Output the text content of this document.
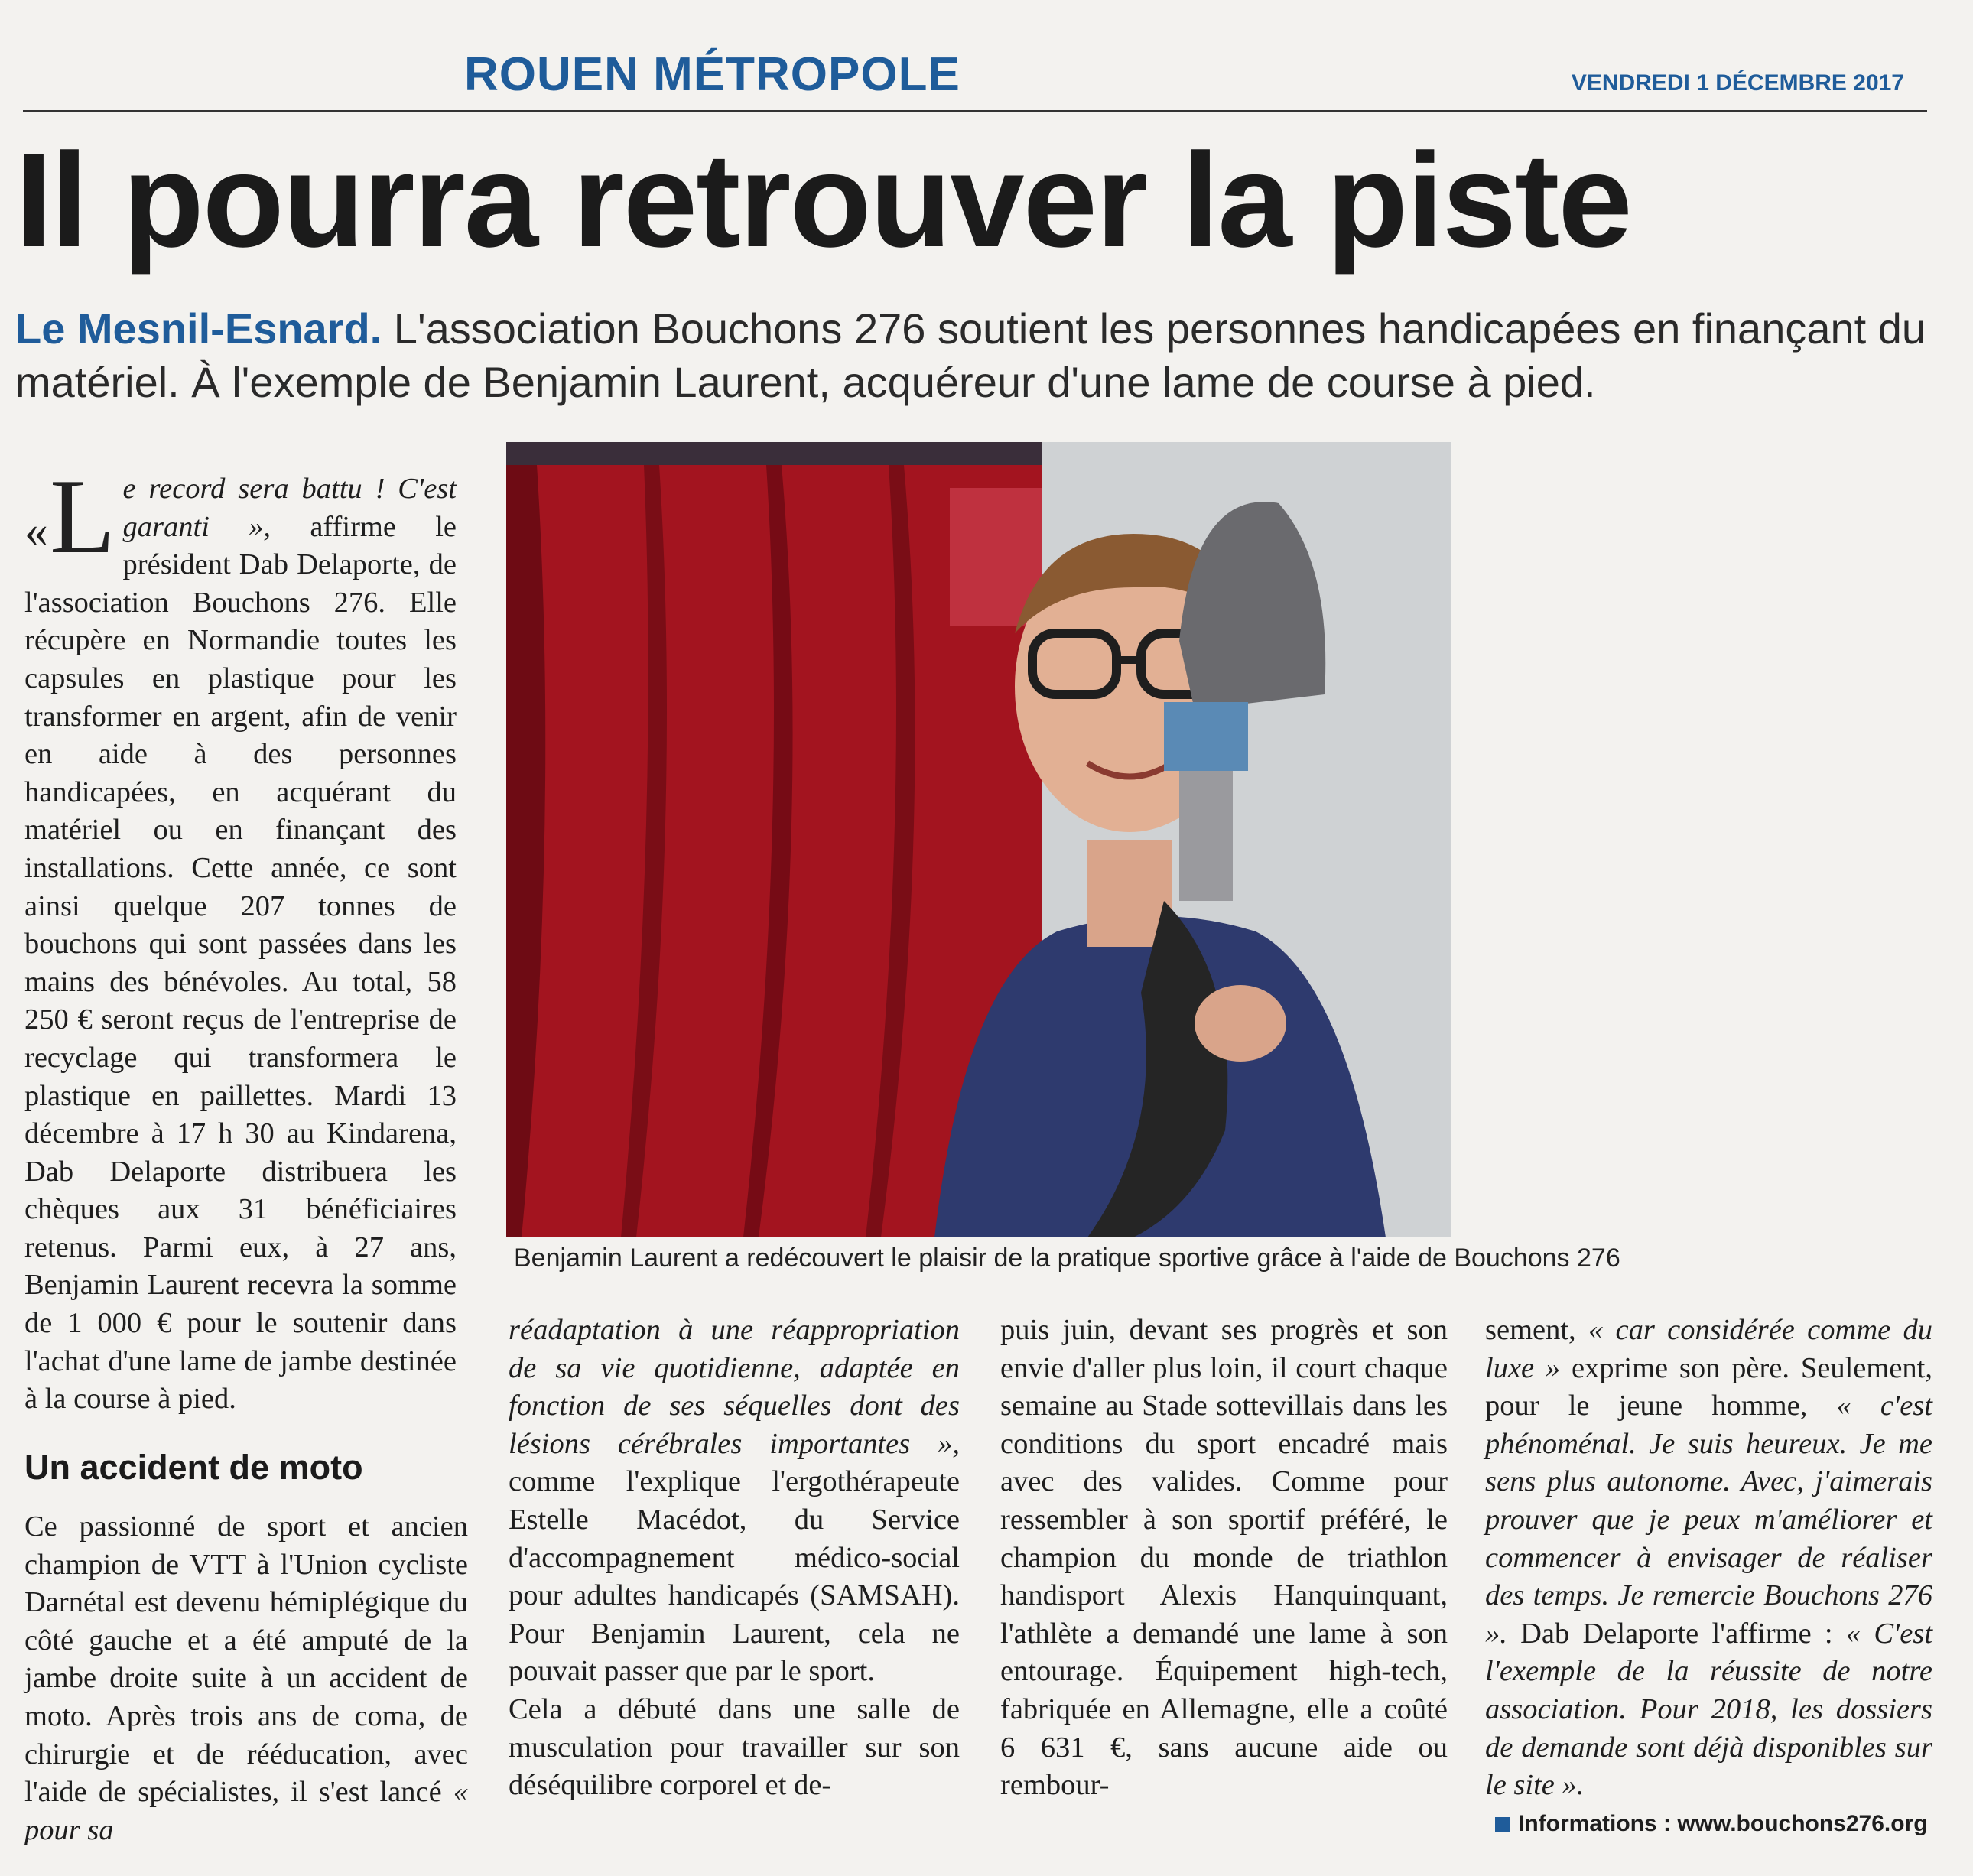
ROUEN MÉTROPOLE	VENDREDI 1 DÉCEMBRE 2017
Il pourra retrouver la piste
Le Mesnil-Esnard. L'association Bouchons 276 soutient les personnes handicapées en finançant du matériel. À l'exemple de Benjamin Laurent, acquéreur d'une lame de course à pied.
« L e record sera battu ! C'est garanti », affirme le président Dab Delaporte, de l'association Bouchons 276. Elle récupère en Normandie toutes les capsules en plastique pour les transformer en argent, afin de venir en aide à des personnes handicapées, en acquérant du matériel ou en finançant des installations. Cette année, ce sont ainsi quelque 207 tonnes de bouchons qui sont passées dans les mains des bénévoles. Au total, 58 250 € seront reçus de l'entreprise de recyclage qui transformera le plastique en paillettes. Mardi 13 décembre à 17 h 30 au Kindarena, Dab Delaporte distribuera les chèques aux 31 bénéficiaires retenus. Parmi eux, à 27 ans, Benjamin Laurent recevra la somme de 1 000 € pour le soutenir dans l'achat d'une lame de jambe destinée à la course à pied.

Un accident de moto

Ce passionné de sport et ancien champion de VTT à l'Union cycliste Darnétal est devenu hémiplégique du côté gauche et a été amputé de la jambe droite suite à un accident de moto. Après trois ans de coma, de chirurgie et de rééducation, avec l'aide de spécialistes, il s'est lancé « pour sa

réadaptation à une réappropriation de sa vie quotidienne, adaptée en fonction de ses séquelles dont des lésions cérébrales importantes », comme l'explique l'ergothérapeute Estelle Macédot, du Service d'accompagnement médico-social pour adultes handicapés (SAMSAH). Pour Benjamin Laurent, cela ne pouvait passer que par le sport.

Cela a débuté dans une salle de musculation pour travailler sur son déséquilibre corporel et de-

puis juin, devant ses progrès et son envie d'aller plus loin, il court chaque semaine au Stade sottevillais dans les conditions du sport encadré mais avec des valides. Comme pour ressembler à son sportif préféré, le champion du monde de triathlon handisport Alexis Hanquinquant, l'athlète a demandé une lame à son entourage. Équipement high-tech, fabriquée en Allemagne, elle a coûté 6 631 €, sans aucune aide ou rembour-

sement, « car considérée comme du luxe » exprime son père. Seulement, pour le jeune homme, « c'est phénoménal. Je suis heureux. Je me sens plus autonome. Avec, j'aimerais prouver que je peux m'améliorer et commencer à envisager de réaliser des temps. Je remercie Bouchons 276 ». Dab Delaporte l'affirme : « C'est l'exemple de la réussite de notre association. Pour 2018, les dossiers de demande sont déjà disponibles sur le site ».

Informations : www.bouchons276.org
Benjamin Laurent a redécouvert le plaisir de la pratique sportive grâce à l'aide de Bouchons 276
